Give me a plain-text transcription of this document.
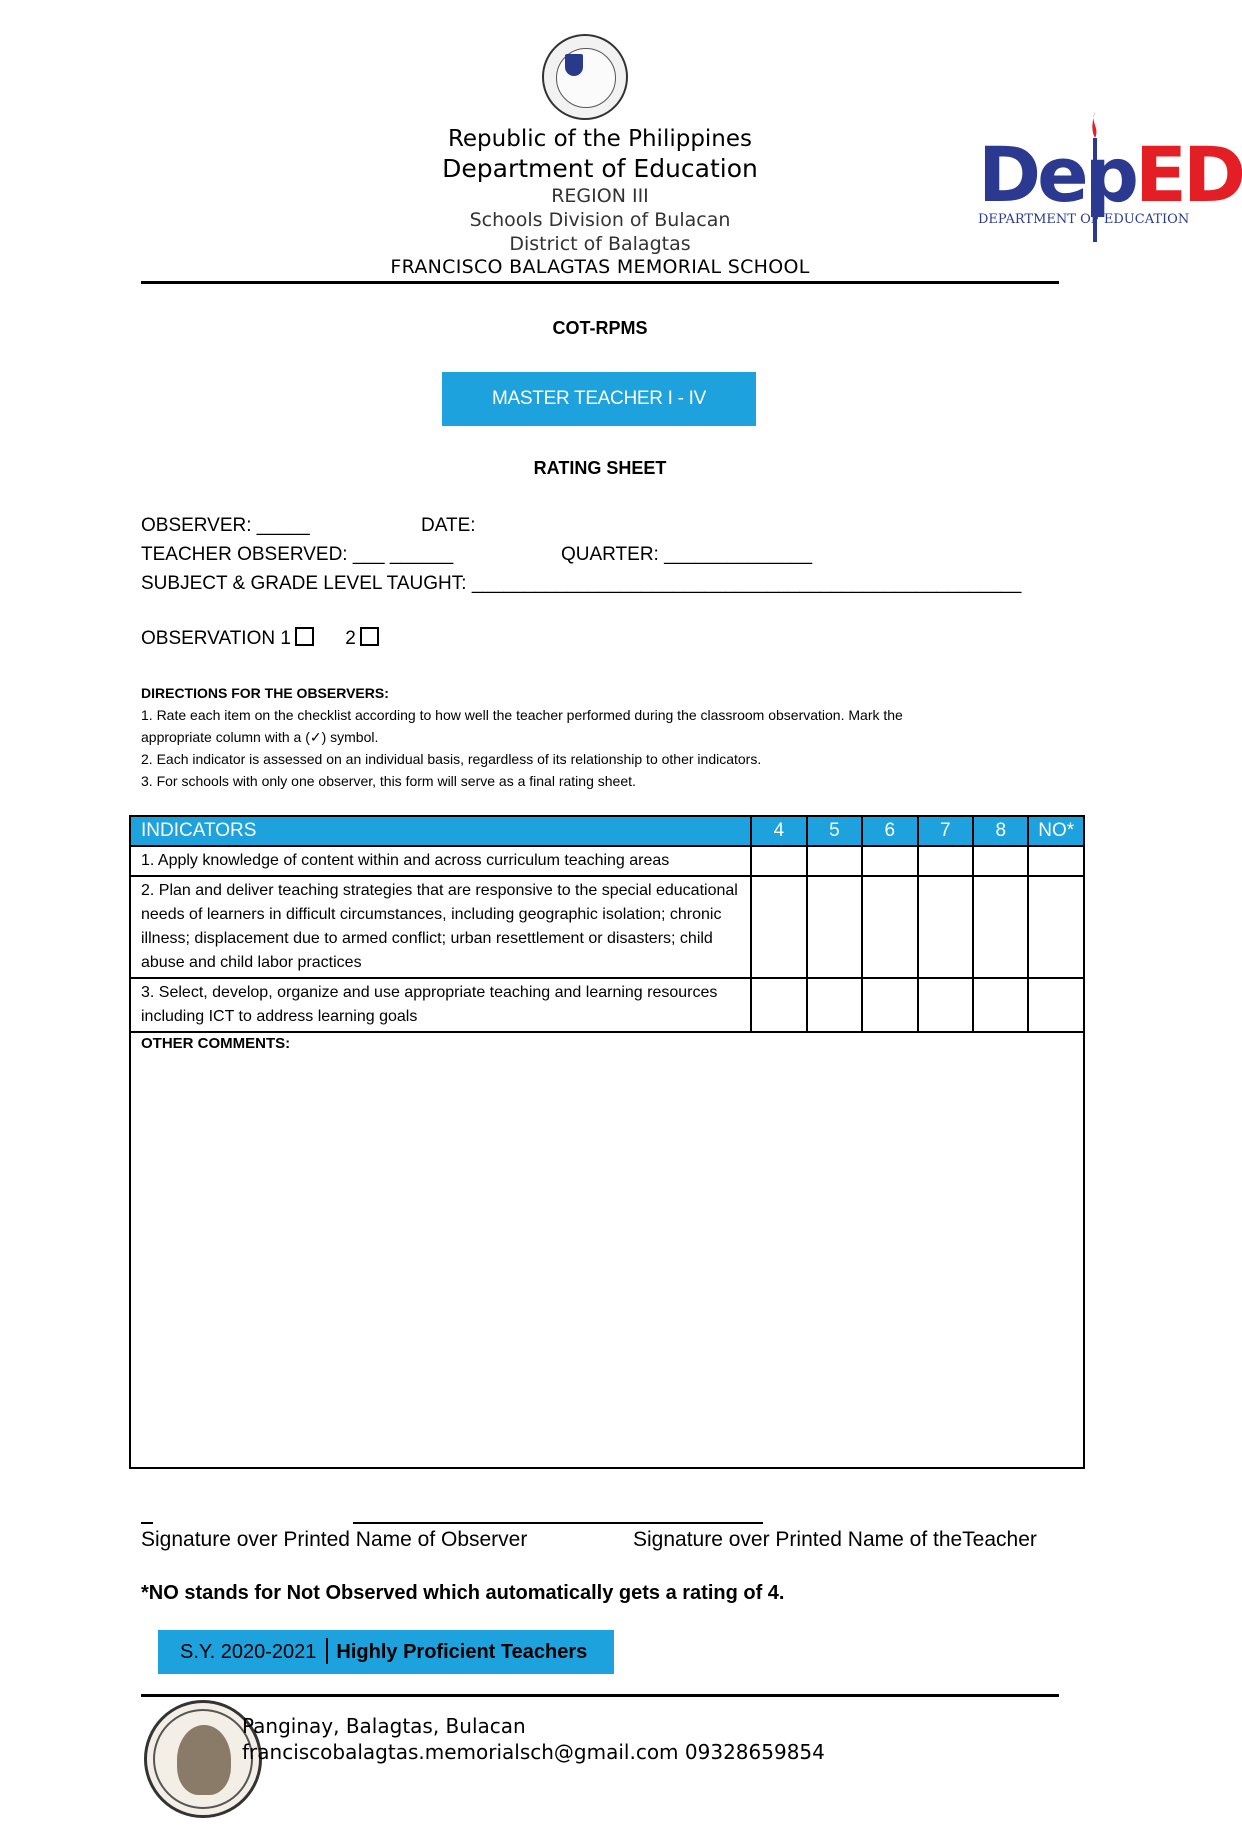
Republic of the Philippines
Department of Education
REGION III
Schools Division of Bulacan
District of Balagtas
FRANCISCO BALAGTAS MEMORIAL SCHOOL
DepED
DEPARTMENT OF EDUCATION
COT-RPMS
MASTER TEACHER I - IV
RATING SHEET
OBSERVER: _____	DATE:
TEACHER OBSERVED: ___ ______	QUARTER: ______________
SUBJECT & GRADE LEVEL TAUGHT: ____________________________________________________
OBSERVATION 1	2
DIRECTIONS FOR THE OBSERVERS:
1. Rate each item on the checklist according to how well the teacher performed during the classroom observation. Mark the
appropriate column with a (✓) symbol.
2. Each indicator is assessed on an individual basis, regardless of its relationship to other indicators.
3. For schools with only one observer, this form will serve as a final rating sheet.
INDICATORS	4	5	6	7	8	NO*
1. Apply knowledge of content within and across curriculum teaching areas						
2. Plan and deliver teaching strategies that are responsive to the special educational needs of learners in difficult circumstances, including geographic isolation; chronic illness; displacement due to armed conflict; urban resettlement or disasters; child abuse and child labor practices						
3. Select, develop, organize and use appropriate teaching and learning resources including ICT to address learning goals						
OTHER COMMENTS:						
Signature over Printed Name of Observer	Signature over Printed Name of theTeacher
*NO stands for Not Observed which automatically gets a rating of 4.
S.Y. 2020-2021 Highly Proficient Teachers
Panginay, Balagtas, Bulacan
franciscobalagtas.memorialsch@gmail.com 09328659854
